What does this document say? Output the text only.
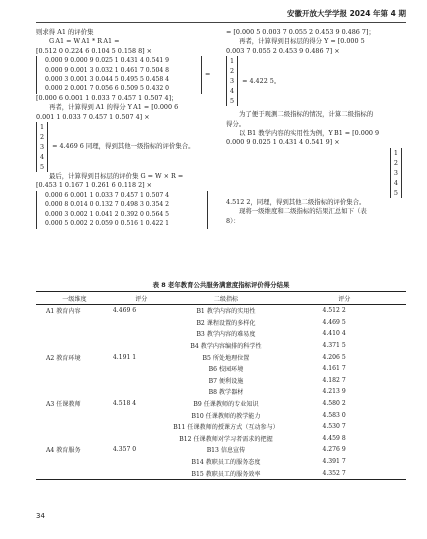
安徽开放大学学报 2024 年第 4 期
则求得 A1 的评价集
G A1 = W A1 * R A1 =
[0.512 0 0.224 6 0.104 5 0.158 8] ×
0.000 9 0.000 9 0.025 1 0.431 4 0.541 9
0.000 9 0.001 3 0.032 1 0.461 7 0.504 8
0.000 3 0.001 3 0.044 5 0.495 5 0.458 4
0.000 2 0.001 7 0.056 6 0.509 5 0.432 0
=
[0.000 6 0.001 1 0.033 7 0.457 1 0.507 4]；
再者，计算得到 A1 的得分 Y A1 = [0.000 6
0.001 1 0.033 7 0.457 1 0.507 4] ×
1
2
3
4
5
= 4.469 6 同理，得到其他一级指标的评价集合。
最后，计算得到目标层的评价集 G = W × R =
[0.453 1 0.167 1 0.261 6 0.118 2] ×
0.000 6 0.001 1 0.033 7 0.457 1 0.507 4
0.000 8 0.014 0 0.132 7 0.498 3 0.354 2
0.000 3 0.002 1 0.041 2 0.392 0 0.564 5
0.000 5 0.002 2 0.059 0 0.516 1 0.422 1
= [0.000 5 0.003 7 0.055 2 0.453 9 0.486 7]；
再者，计算得到目标层的得分 Y = [0.000 5
0.003 7 0.055 2 0.453 9 0.486 7] ×
1
2
3
4
5
= 4.422 5。
为了便于观测二级指标的情况，计算二级指标的
得分。
以 B1 教学内容的实用性为例，Y B1 = [0.000 9
0.000 9 0.025 1 0.431 4 0.541 9] ×
1
2
3
4
5
4.512 2，同理，得到其他二级指标的评价集合。
现将一级维度和二级指标的结果汇总如下（表
8）：
表 8 老年教育公共服务满意度指标评价得分结果
一级维度	评分	二级指标	评分
A1 教育内容	4.469 6	B1 教学内容的实用性	4.512 2
		B2 课程设置的多样化	4.469 5
		B3 教学内容的难易度	4.410 4
		B4 教学内容编排的科学性	4.371 5
A2 教育环境	4.191 1	B5 所处地理位置	4.206 5
		B6 校园环境	4.161 7
		B7 便利设施	4.182 7
		B8 教学器材	4.213 9
A3 任课教师	4.518 4	B9 任课教师的专业知识	4.580 2
		B10 任课教师的教学能力	4.583 0
		B11 任课教师的授课方式（互动参与）	4.530 7
		B12 任课教师对学习者需求的把握	4.459 8
A4 教育服务	4.357 0	B13 信息宣传	4.276 9
		B14 教职员工的服务态度	4.391 7
		B15 教职员工的服务效率	4.352 7
34
